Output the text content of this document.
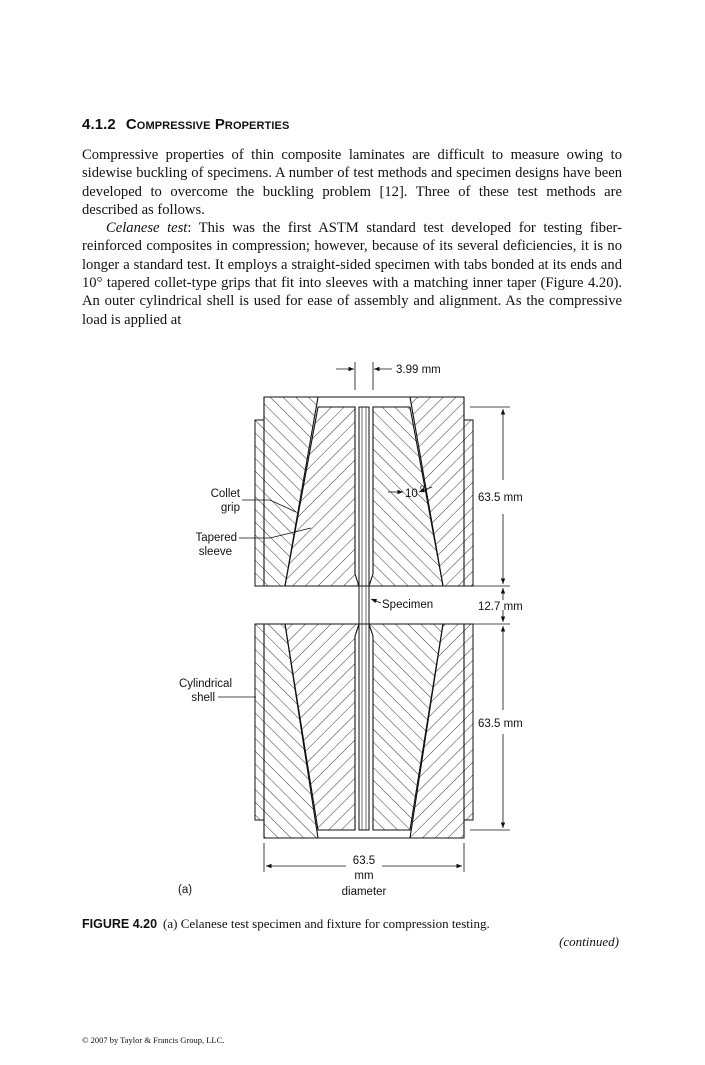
4.1.2 Compressive Properties

Compressive properties of thin composite laminates are difficult to measure owing to sidewise buckling of specimens. A number of test methods and specimen designs have been developed to overcome the buckling problem [12]. Three of these test methods are described as follows.

Celanese test: This was the first ASTM standard test developed for testing fiber-reinforced composites in compression; however, because of its several deficiencies, it is no longer a standard test. It employs a straight-sided specimen with tabs bonded at its ends and 10° tapered collet-type grips that fit into sleeves with a matching inner taper (Figure 4.20). An outer cylindrical shell is used for ease of assembly and alignment. As the compressive load is applied at

3.99 mm
10
o
Collet
grip
Tapered
sleeve
Cylindrical
shell
Specimen
63.5 mm
12.7 mm
63.5 mm
63.5
mm
diameter
(a)
FIGURE 4.20 (a) Celanese test specimen and fixture for compression testing.
(continued)
© 2007 by Taylor & Francis Group, LLC.
